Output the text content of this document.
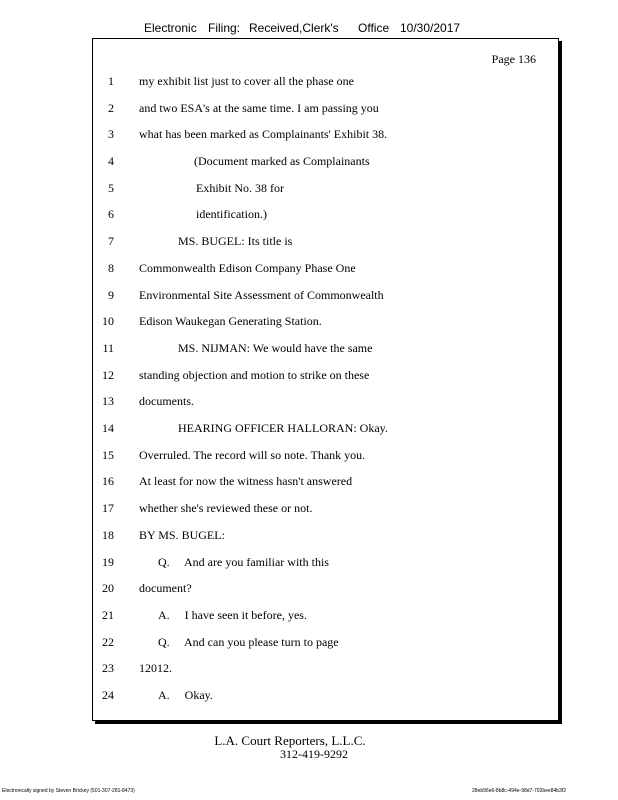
Electronic Filing: Received,Clerk's Office 10/30/2017
Page 136
1 my exhibit list just to cover all the phase one
2 and two ESA's at the same time. I am passing you
3 what has been marked as Complainants' Exhibit 38.
4	(Document marked as Complainants
5	Exhibit No. 38 for
6	identification.)
7	MS. BUGEL: Its title is
8 Commonwealth Edison Company Phase One
9 Environmental Site Assessment of Commonwealth
10 Edison Waukegan Generating Station.
11	MS. NIJMAN: We would have the same
12 standing objection and motion to strike on these
13 documents.
14	HEARING OFFICER HALLORAN: Okay.
15 Overruled. The record will so note. Thank you.
16 At least for now the witness hasn't answered
17 whether she's reviewed these or not.
18 BY MS. BUGEL:
19	Q.     And are you familiar with this
20 document?
21	A.     I have seen it before, yes.
22	Q.     And can you please turn to page
23 12012.
24	A.     Okay.
L.A. Court Reporters, L.L.C.
312-419-9292
Electronically signed by Steven Brickey (501-307-281-8473)	28eb96e6-8b8c-494e-98d7-702bee84b3f2
